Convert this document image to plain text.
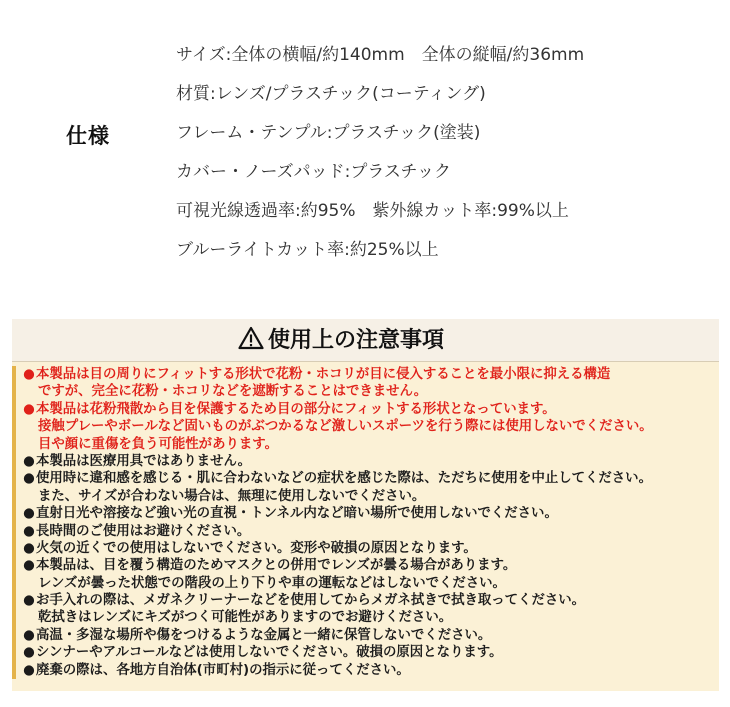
仕様
サイズ:全体の横幅/約140mm　全体の縦幅/約36mm
材質:レンズ/プラスチック(コーティング)
フレーム・テンプル:プラスチック(塗装)
カバー・ノーズパッド:プラスチック
可視光線透過率:約95%　紫外線カット率:99%以上
ブルーライトカット率:約25%以上
使用上の注意事項
●本製品は目の周りにフィットする形状で花粉・ホコリが目に侵入することを最小限に抑える構造
ですが、完全に花粉・ホコリなどを遮断することはできません。
●本製品は花粉飛散から目を保護するため目の部分にフィットする形状となっています。
接触プレーやボールなど固いものがぶつかるなど激しいスポーツを行う際には使用しないでください。
目や顔に重傷を負う可能性があります。
●本製品は医療用具ではありません。
●使用時に違和感を感じる・肌に合わないなどの症状を感じた際は、ただちに使用を中止してください。
また、サイズが合わない場合は、無理に使用しないでください。
●直射日光や溶接など強い光の直視・トンネル内など暗い場所で使用しないでください。
●長時間のご使用はお避けください。
●火気の近くでの使用はしないでください。変形や破損の原因となります。
●本製品は、目を覆う構造のためマスクとの併用でレンズが曇る場合があります。
レンズが曇った状態での階段の上り下りや車の運転などはしないでください。
●お手入れの際は、メガネクリーナーなどを使用してからメガネ拭きで拭き取ってください。
乾拭きはレンズにキズがつく可能性がありますのでお避けください。
●高温・多湿な場所や傷をつけるような金属と一緒に保管しないでください。
●シンナーやアルコールなどは使用しないでください。破損の原因となります。
●廃棄の際は、各地方自治体(市町村)の指示に従ってください。
